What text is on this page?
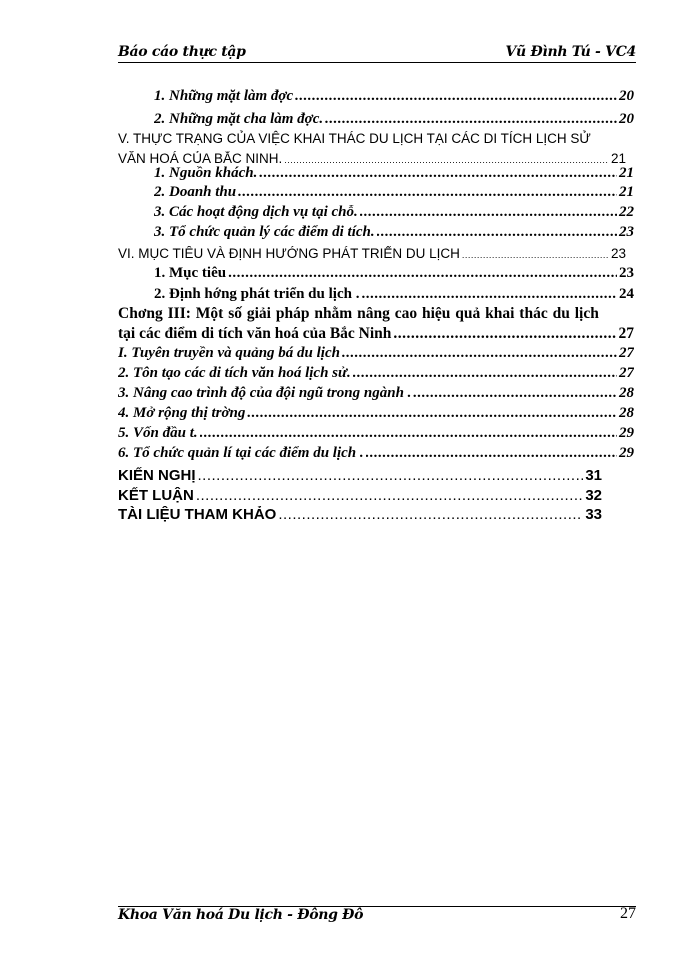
Báo cáo thực tập	Vũ Đình Tú - VC4
1. Những mặt làm đợc .....	20
2. Những mặt cha làm đợc. .....	20
V. THỰC TRẠNG CỦA VIỆC KHAI THÁC DU LỊCH TẠI CÁC DI TÍCH LỊCH SỬ
VĂN HOÁ CỦA BẮC NINH. .....	21
1. Nguồn khách. .....	21
2. Doanh thu .....	21
3. Các hoạt động dịch vụ tại chỗ. .....	22
3. Tổ chức quản lý các điểm di tích. .....	23
VI. MỤC TIÊU VÀ ĐỊNH HƯỚNG PHÁT TRIỂN DU LỊCH .....	23
1. Mục tiêu .....	23
2. Định hớng phát triển du lịch . .....	24
Chơng III: Một số giải pháp nhằm nâng cao hiệu quả khai thác du lịch
tại các điểm di tích văn hoá của Bắc Ninh .....	27
I. Tuyên truyền và quảng bá du lịch .....	27
2. Tôn tạo các di tích văn hoá lịch sử. .....	27
3. Nâng cao trình độ của đội ngũ trong ngành . .....	28
4. Mở rộng thị trờng .....	28
5. Vốn đầu t. .....	29
6. Tổ chức quản lí tại các điểm du lịch . .....	29
KIẾN NGHỊ .....	31
KẾT LUẬN .....	32
TÀI LIỆU THAM KHẢO .....	33
Khoa Văn hoá Du lịch - Đông Đô	27
